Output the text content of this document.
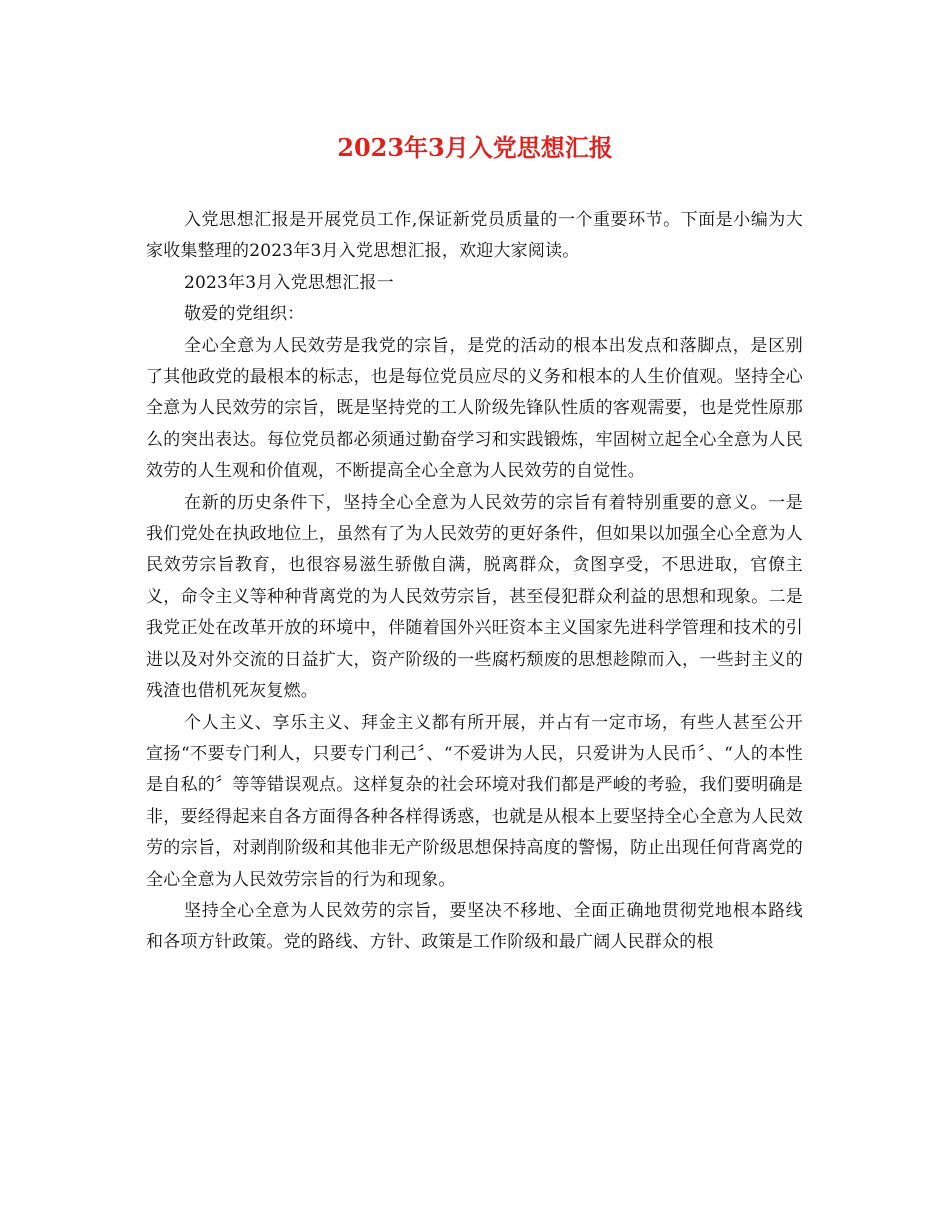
2023年3月入党思想汇报

入党思想汇报是开展党员工作,保证新党员质量的一个重要环节。下面是小编为大家收集整理的2023年3月入党思想汇报，欢迎大家阅读。

2023年3月入党思想汇报一

敬爱的党组织：

全心全意为人民效劳是我党的宗旨，是党的活动的根本出发点和落脚点，是区别了其他政党的最根本的标志，也是每位党员应尽的义务和根本的人生价值观。坚持全心全意为人民效劳的宗旨，既是坚持党的工人阶级先锋队性质的客观需要，也是党性原那么的突出表达。每位党员都必须通过勤奋学习和实践锻炼，牢固树立起全心全意为人民效劳的人生观和价值观，不断提高全心全意为人民效劳的自觉性。

在新的历史条件下，坚持全心全意为人民效劳的宗旨有着特别重要的意义。一是我们党处在执政地位上，虽然有了为人民效劳的更好条件，但如果以加强全心全意为人民效劳宗旨教育，也很容易滋生骄傲自满，脱离群众，贪图享受，不思进取，官僚主义，命令主义等种种背离党的为人民效劳宗旨，甚至侵犯群众利益的思想和现象。二是我党正处在改革开放的环境中，伴随着国外兴旺资本主义国家先进科学管理和技术的引进以及对外交流的日益扩大，资产阶级的一些腐朽颓废的思想趁隙而入，一些封主义的残渣也借机死灰复燃。

个人主义、享乐主义、拜金主义都有所开展，并占有一定市场，有些人甚至公开宣扬“不要专门利人，只要专门利己〞、“不爱讲为人民，只爱讲为人民币〞、“人的本性是自私的〞等等错误观点。这样复杂的社会环境对我们都是严峻的考验，我们要明确是非，要经得起来自各方面得各种各样得诱惑，也就是从根本上要坚持全心全意为人民效劳的宗旨，对剥削阶级和其他非无产阶级思想保持高度的警惕，防止出现任何背离党的全心全意为人民效劳宗旨的行为和现象。

坚持全心全意为人民效劳的宗旨，要坚决不移地、全面正确地贯彻党地根本路线和各项方针政策。党的路线、方针、政策是工作阶级和最广阔人民群众的根
